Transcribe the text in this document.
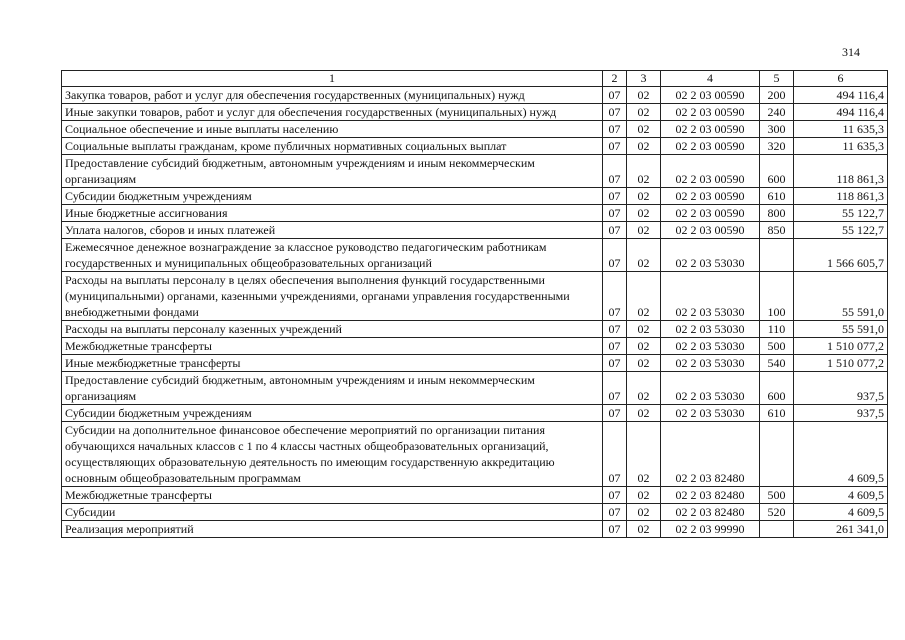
314
1	2	3	4	5	6
Закупка товаров, работ и услуг для обеспечения государственных (муниципальных) нужд	07	02	02 2 03 00590	200	494 116,4
Иные закупки товаров, работ и услуг для обеспечения государственных (муниципальных) нужд	07	02	02 2 03 00590	240	494 116,4
Социальное обеспечение и иные выплаты населению	07	02	02 2 03 00590	300	11 635,3
Социальные выплаты гражданам, кроме публичных нормативных социальных выплат	07	02	02 2 03 00590	320	11 635,3
Предоставление субсидий бюджетным, автономным учреждениям и иным некоммерческим организациям	07	02	02 2 03 00590	600	118 861,3
Субсидии бюджетным учреждениям	07	02	02 2 03 00590	610	118 861,3
Иные бюджетные ассигнования	07	02	02 2 03 00590	800	55 122,7
Уплата налогов, сборов и иных платежей	07	02	02 2 03 00590	850	55 122,7
Ежемесячное денежное вознаграждение за классное руководство педагогическим работникам государственных и муниципальных общеобразовательных организаций	07	02	02 2 03 53030		1 566 605,7
Расходы на выплаты персоналу в целях обеспечения выполнения функций государственными (муниципальными) органами, казенными учреждениями, органами управления государственными внебюджетными фондами	07	02	02 2 03 53030	100	55 591,0
Расходы на выплаты персоналу казенных учреждений	07	02	02 2 03 53030	110	55 591,0
Межбюджетные трансферты	07	02	02 2 03 53030	500	1 510 077,2
Иные межбюджетные трансферты	07	02	02 2 03 53030	540	1 510 077,2
Предоставление субсидий бюджетным, автономным учреждениям и иным некоммерческим организациям	07	02	02 2 03 53030	600	937,5
Субсидии бюджетным учреждениям	07	02	02 2 03 53030	610	937,5
Субсидии на дополнительное финансовое обеспечение мероприятий по организации питания обучающихся начальных классов с 1 по 4 классы частных общеобразовательных организаций, осуществляющих образовательную деятельность по имеющим государственную аккредитацию основным общеобразовательным программам	07	02	02 2 03 82480		4 609,5
Межбюджетные трансферты	07	02	02 2 03 82480	500	4 609,5
Субсидии	07	02	02 2 03 82480	520	4 609,5
Реализация мероприятий	07	02	02 2 03 99990		261 341,0
